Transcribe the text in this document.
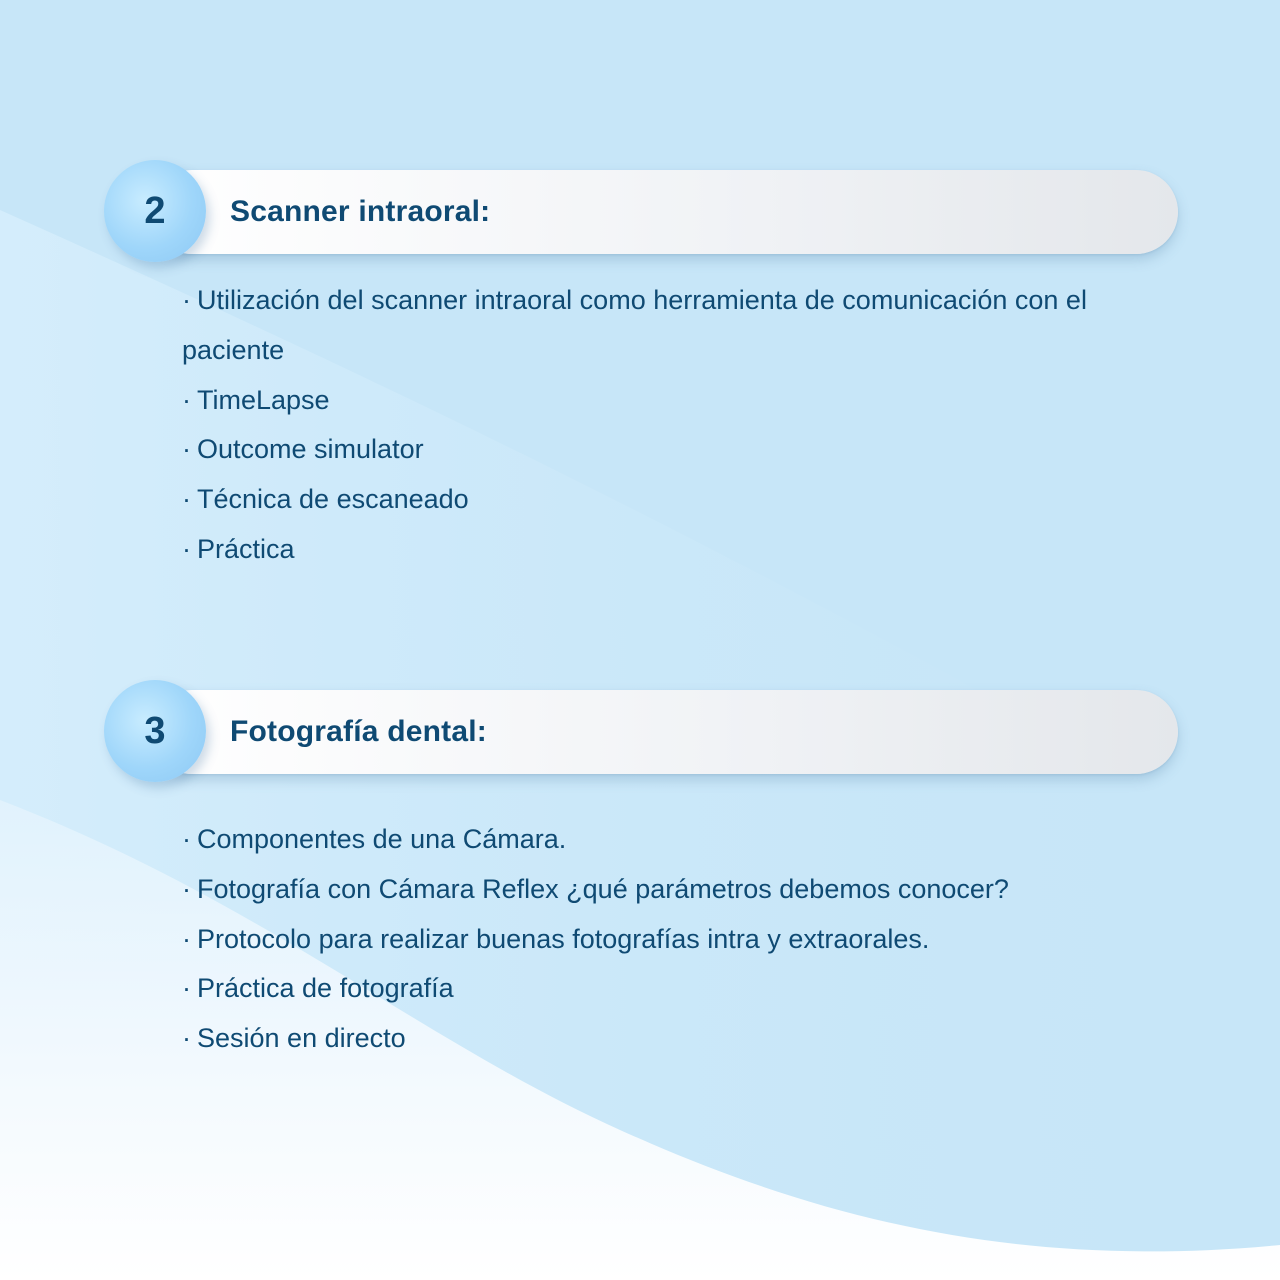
Scanner intraoral:
2
· Utilización del scanner intraoral como herramienta de comunicación con el paciente
· TimeLapse
· Outcome simulator
· Técnica de escaneado
· Práctica
Fotografía dental:
3
· Componentes de una Cámara.
· Fotografía con Cámara Reflex ¿qué parámetros debemos conocer?
· Protocolo para realizar buenas fotografías intra y extraorales.
· Práctica de fotografía
· Sesión en directo
